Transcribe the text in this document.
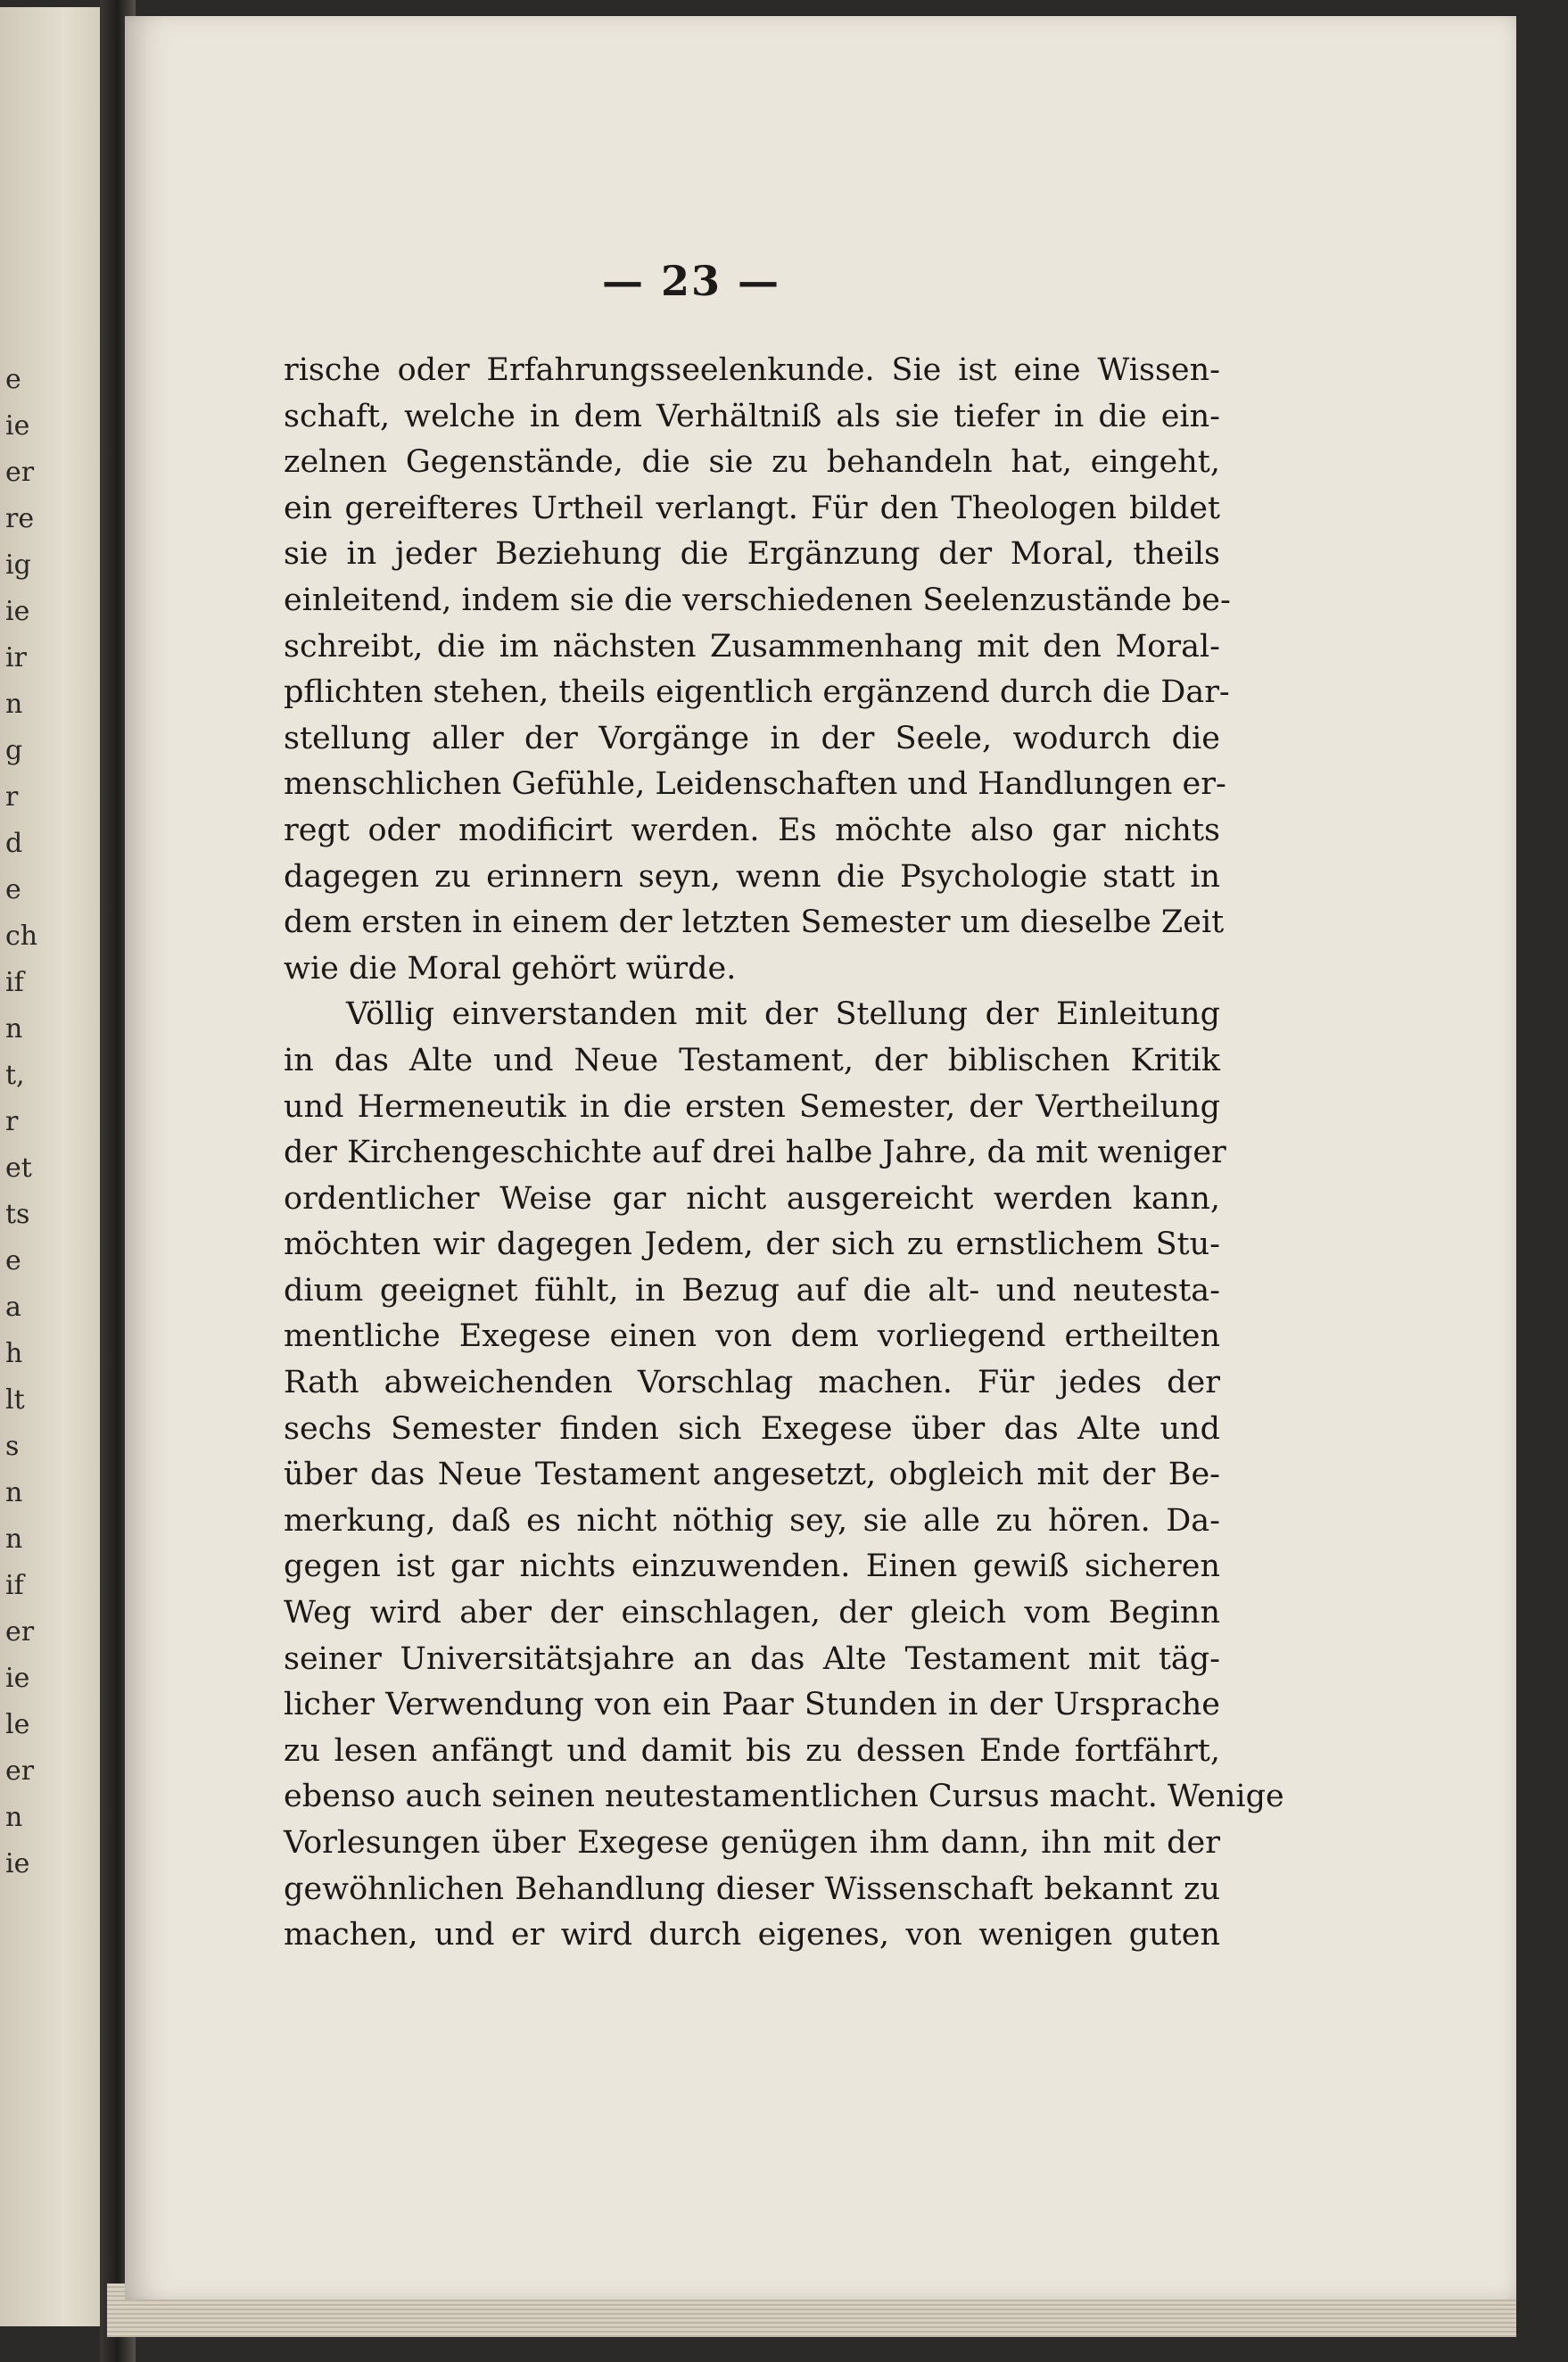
e
ie
er
re
ig
ie
ir
n
g
r
d
e
ch
if
n
t,
r
et
ts
e
a
h
lt
s
n
n
if
er
ie
le
er
n
ie
— 23 —
rische oder Erfahrungsseelenkunde. Sie ist eine Wissen-
schaft, welche in dem Verhältniß als sie tiefer in die ein-
zelnen Gegenstände, die sie zu behandeln hat, eingeht,
ein gereifteres Urtheil verlangt. Für den Theologen bildet
sie in jeder Beziehung die Ergänzung der Moral, theils
einleitend, indem sie die verschiedenen Seelenzustände be-
schreibt, die im nächsten Zusammenhang mit den Moral-
pflichten stehen, theils eigentlich ergänzend durch die Dar-
stellung aller der Vorgänge in der Seele, wodurch die
menschlichen Gefühle, Leidenschaften und Handlungen er-
regt oder modificirt werden. Es möchte also gar nichts
dagegen zu erinnern seyn, wenn die Psychologie statt in
dem ersten in einem der letzten Semester um dieselbe Zeit
wie die Moral gehört würde.
Völlig einverstanden mit der Stellung der Einleitung
in das Alte und Neue Testament, der biblischen Kritik
und Hermeneutik in die ersten Semester, der Vertheilung
der Kirchengeschichte auf drei halbe Jahre, da mit weniger
ordentlicher Weise gar nicht ausgereicht werden kann,
möchten wir dagegen Jedem, der sich zu ernstlichem Stu-
dium geeignet fühlt, in Bezug auf die alt- und neutesta-
mentliche Exegese einen von dem vorliegend ertheilten
Rath abweichenden Vorschlag machen. Für jedes der
sechs Semester finden sich Exegese über das Alte und
über das Neue Testament angesetzt, obgleich mit der Be-
merkung, daß es nicht nöthig sey, sie alle zu hören. Da-
gegen ist gar nichts einzuwenden. Einen gewiß sicheren
Weg wird aber der einschlagen, der gleich vom Beginn
seiner Universitätsjahre an das Alte Testament mit täg-
licher Verwendung von ein Paar Stunden in der Ursprache
zu lesen anfängt und damit bis zu dessen Ende fortfährt,
ebenso auch seinen neutestamentlichen Cursus macht. Wenige
Vorlesungen über Exegese genügen ihm dann, ihn mit der
gewöhnlichen Behandlung dieser Wissenschaft bekannt zu
machen, und er wird durch eigenes, von wenigen guten
